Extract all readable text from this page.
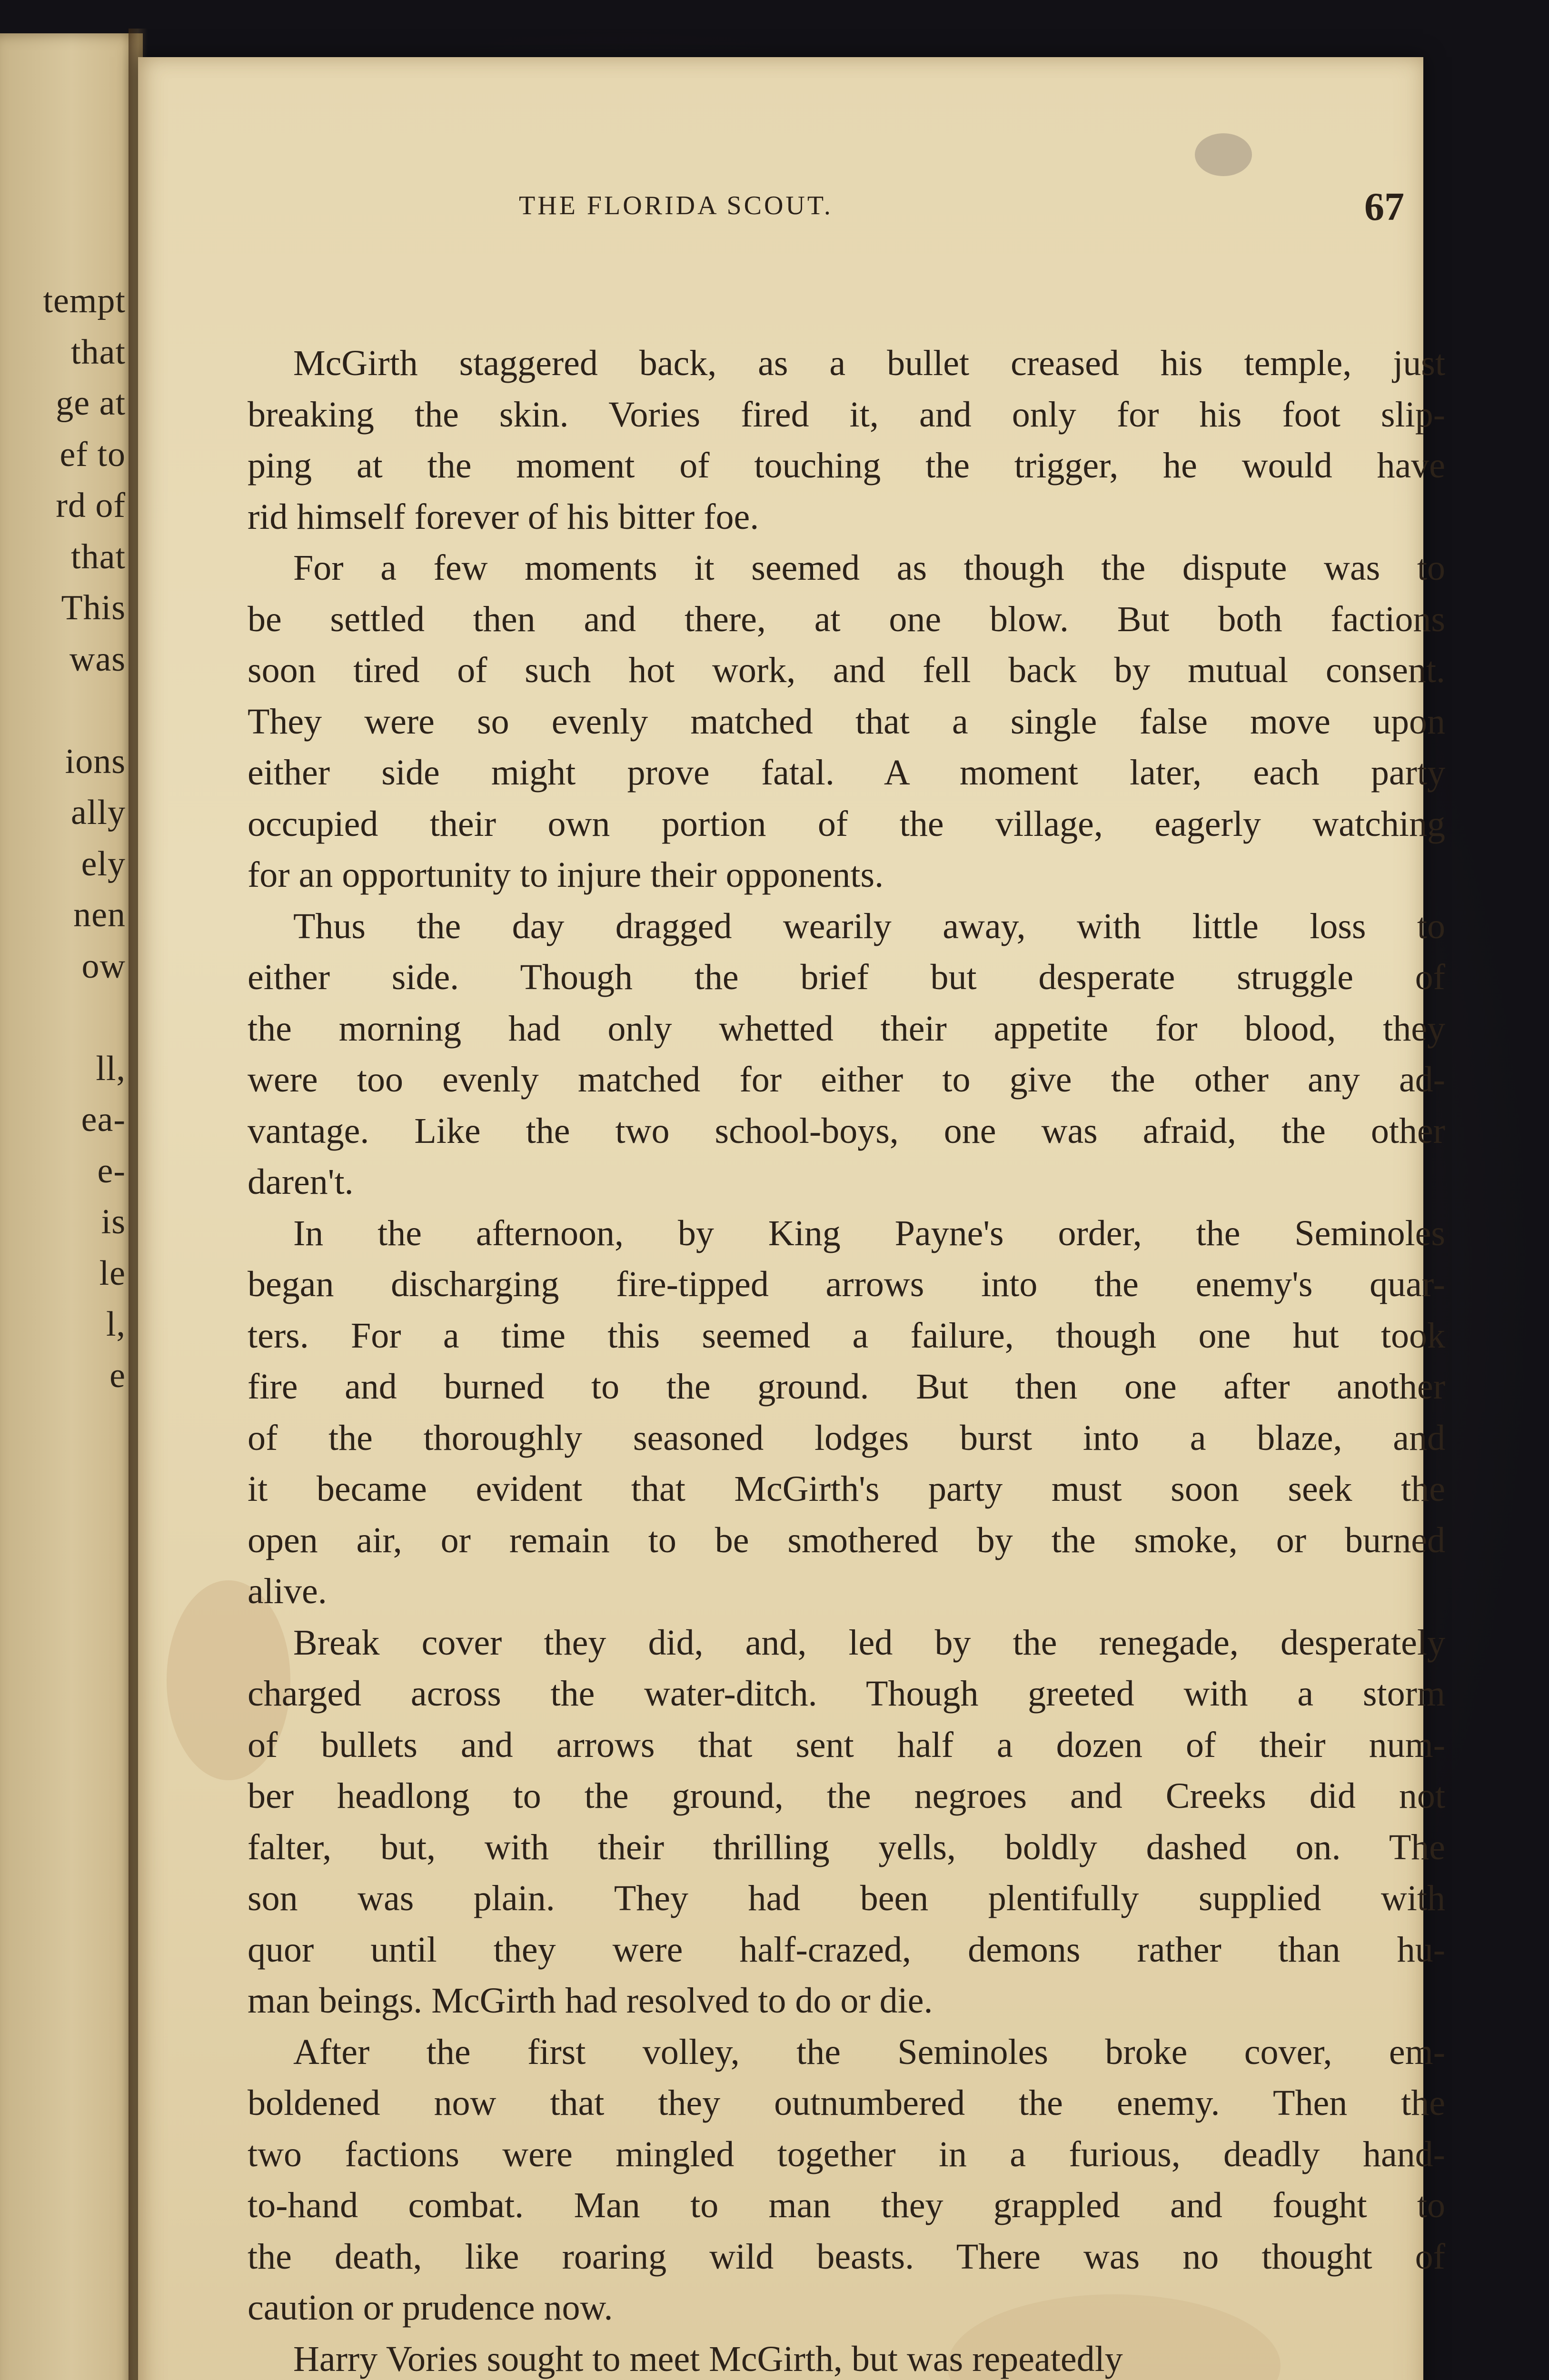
tempt
that
ge at
ef to
rd of
that
This
was
ions
ally
ely
nen
ow
ll,
ea-
e-
is
le
l,
e
THE FLORIDA SCOUT.	67
McGirth staggered back, as a bullet creased his temple, just
breaking the skin. Vories fired it, and only for his foot slip-
ping at the moment of touching the trigger, he would have
rid himself forever of his bitter foe.
For a few moments it seemed as though the dispute was to
be settled then and there, at one blow. But both factions
soon tired of such hot work, and fell back by mutual consent.
They were so evenly matched that a single false move upon
either side might prove fatal. A moment later, each party
occupied their own portion of the village, eagerly watching
for an opportunity to injure their opponents.
Thus the day dragged wearily away, with little loss to
either side. Though the brief but desperate struggle of
the morning had only whetted their appetite for blood, they
were too evenly matched for either to give the other any ad-
vantage. Like the two school-boys, one was afraid, the other
daren't.
In the afternoon, by King Payne's order, the Seminoles
began discharging fire-tipped arrows into the enemy's quar-
ters. For a time this seemed a failure, though one hut took
fire and burned to the ground. But then one after another
of the thoroughly seasoned lodges burst into a blaze, and
it became evident that McGirth's party must soon seek the
open air, or remain to be smothered by the smoke, or burned
alive.
Break cover they did, and, led by the renegade, desperately
charged across the water-ditch. Though greeted with a storm
of bullets and arrows that sent half a dozen of their num-
ber headlong to the ground, the negroes and Creeks did not
falter, but, with their thrilling yells, boldly dashed on. The
son was plain. They had been plentifully supplied with
quor until they were half-crazed, demons rather than hu-
man beings. McGirth had resolved to do or die.
After the first volley, the Seminoles broke cover, em-
boldened now that they outnumbered the enemy. Then the
two factions were mingled together in a furious, deadly hand-
to-hand combat. Man to man they grappled and fought to
the death, like roaring wild beasts. There was no thought of
caution or prudence now.
Harry Vories sought to meet McGirth, but was repeatedly
